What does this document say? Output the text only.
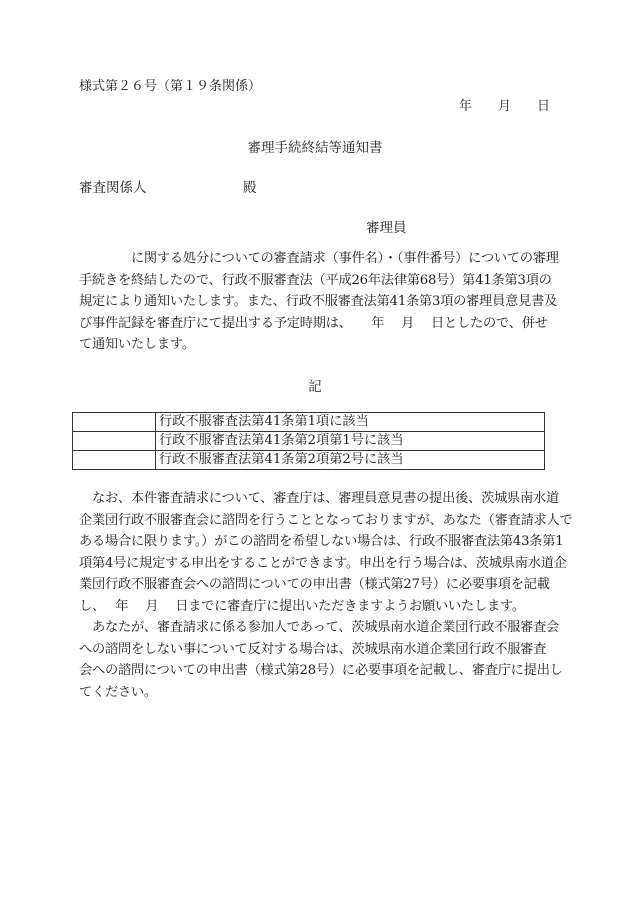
様式第２６号（第１９条関係）
年 月 日
審理手続終結等通知書
審査関係人	殿
審理員
　　　　に関する処分についての審査請求（事件名）・（事件番号）についての審理
手続きを終結したので、行政不服審査法（平成26年法律第68号）第41条第3項の
規定により通知いたします。また、行政不服審査法第41条第3項の審理員意見書及
び事件記録を審査庁にて提出する予定時期は、　　年　 月 　日としたので、併せ
て通知いたします。
記
	行政不服審査法第41条第1項に該当
	行政不服審査法第41条第2項第1号に該当
	行政不服審査法第41条第2項第2号に該当
　なお、本件審査請求について、審査庁は、審理員意見書の提出後、茨城県南水道
企業団行政不服審査会に諮問を行うこととなっておりますが、あなた（審査請求人で
ある場合に限ります。）がこの諮問を希望しない場合は、行政不服審査法第43条第1
項第4号に規定する申出をすることができます。申出を行う場合は、茨城県南水道企
業団行政不服審査会への諮問についての申出書（様式第27号）に必要事項を記載
し、　 年　 月　 日までに審査庁に提出いただきますようお願いいたします。
　あなたが、審査請求に係る参加人であって、茨城県南水道企業団行政不服審査会
への諮問をしない事について反対する場合は、茨城県南水道企業団行政不服審査
会への諮問についての申出書（様式第28号）に必要事項を記載し、審査庁に提出し
てください。
